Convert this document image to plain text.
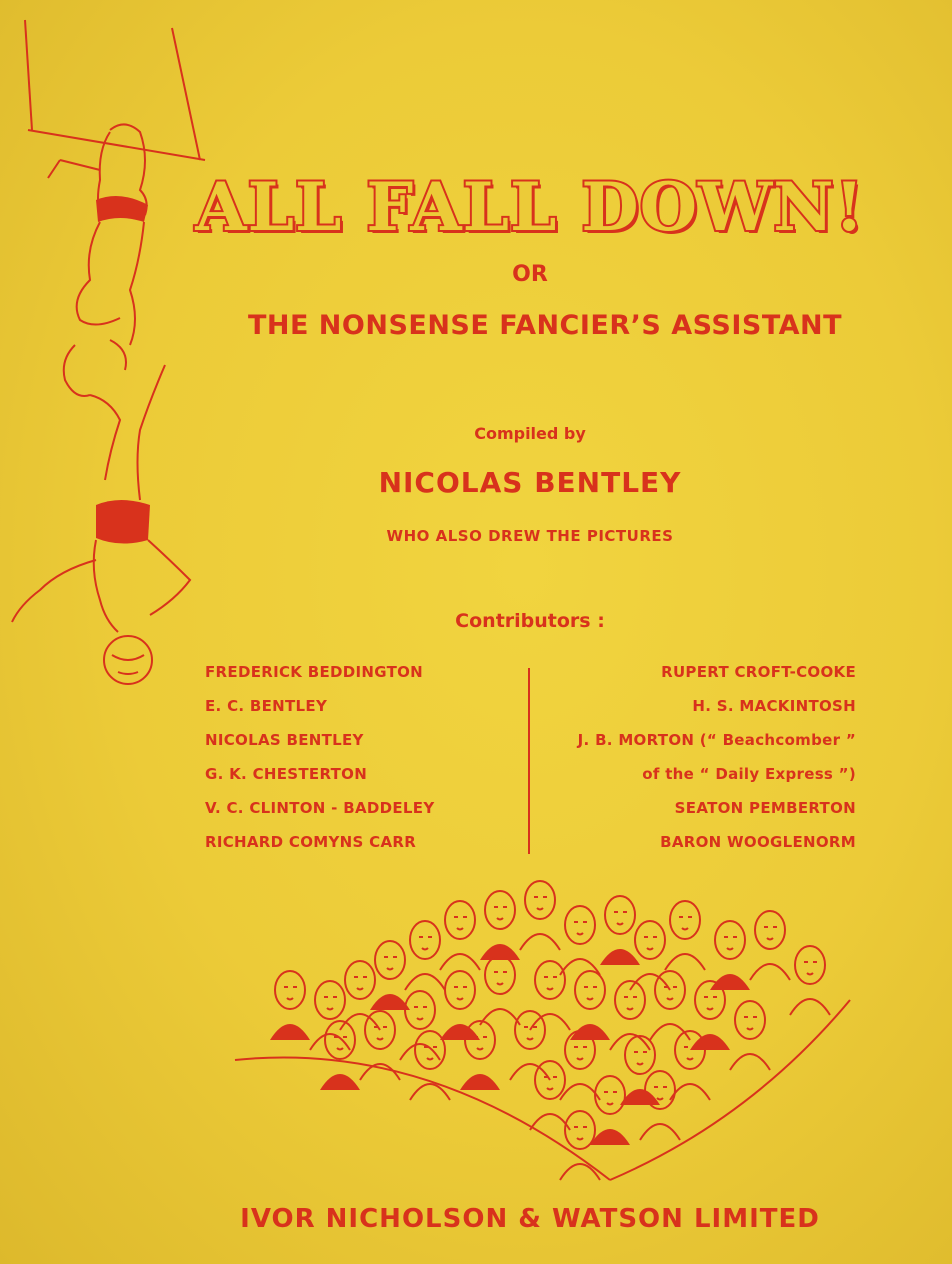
ALL FALL DOWN!

OR

THE NONSENSE FANCIER’S ASSISTANT

Compiled by

NICOLAS BENTLEY

WHO ALSO DREW THE PICTURES

Contributors :

FREDERICK BEDDINGTON
E. C. BENTLEY
NICOLAS BENTLEY
G. K. CHESTERTON
V. C. CLINTON - BADDELEY
RICHARD COMYNS CARR
RUPERT CROFT-COOKE
H. S. MACKINTOSH
J. B. MORTON (“ Beachcomber ”
of the “ Daily Express ”)
SEATON PEMBERTON
BARON WOOGLENORM

IVOR NICHOLSON & WATSON LIMITED
